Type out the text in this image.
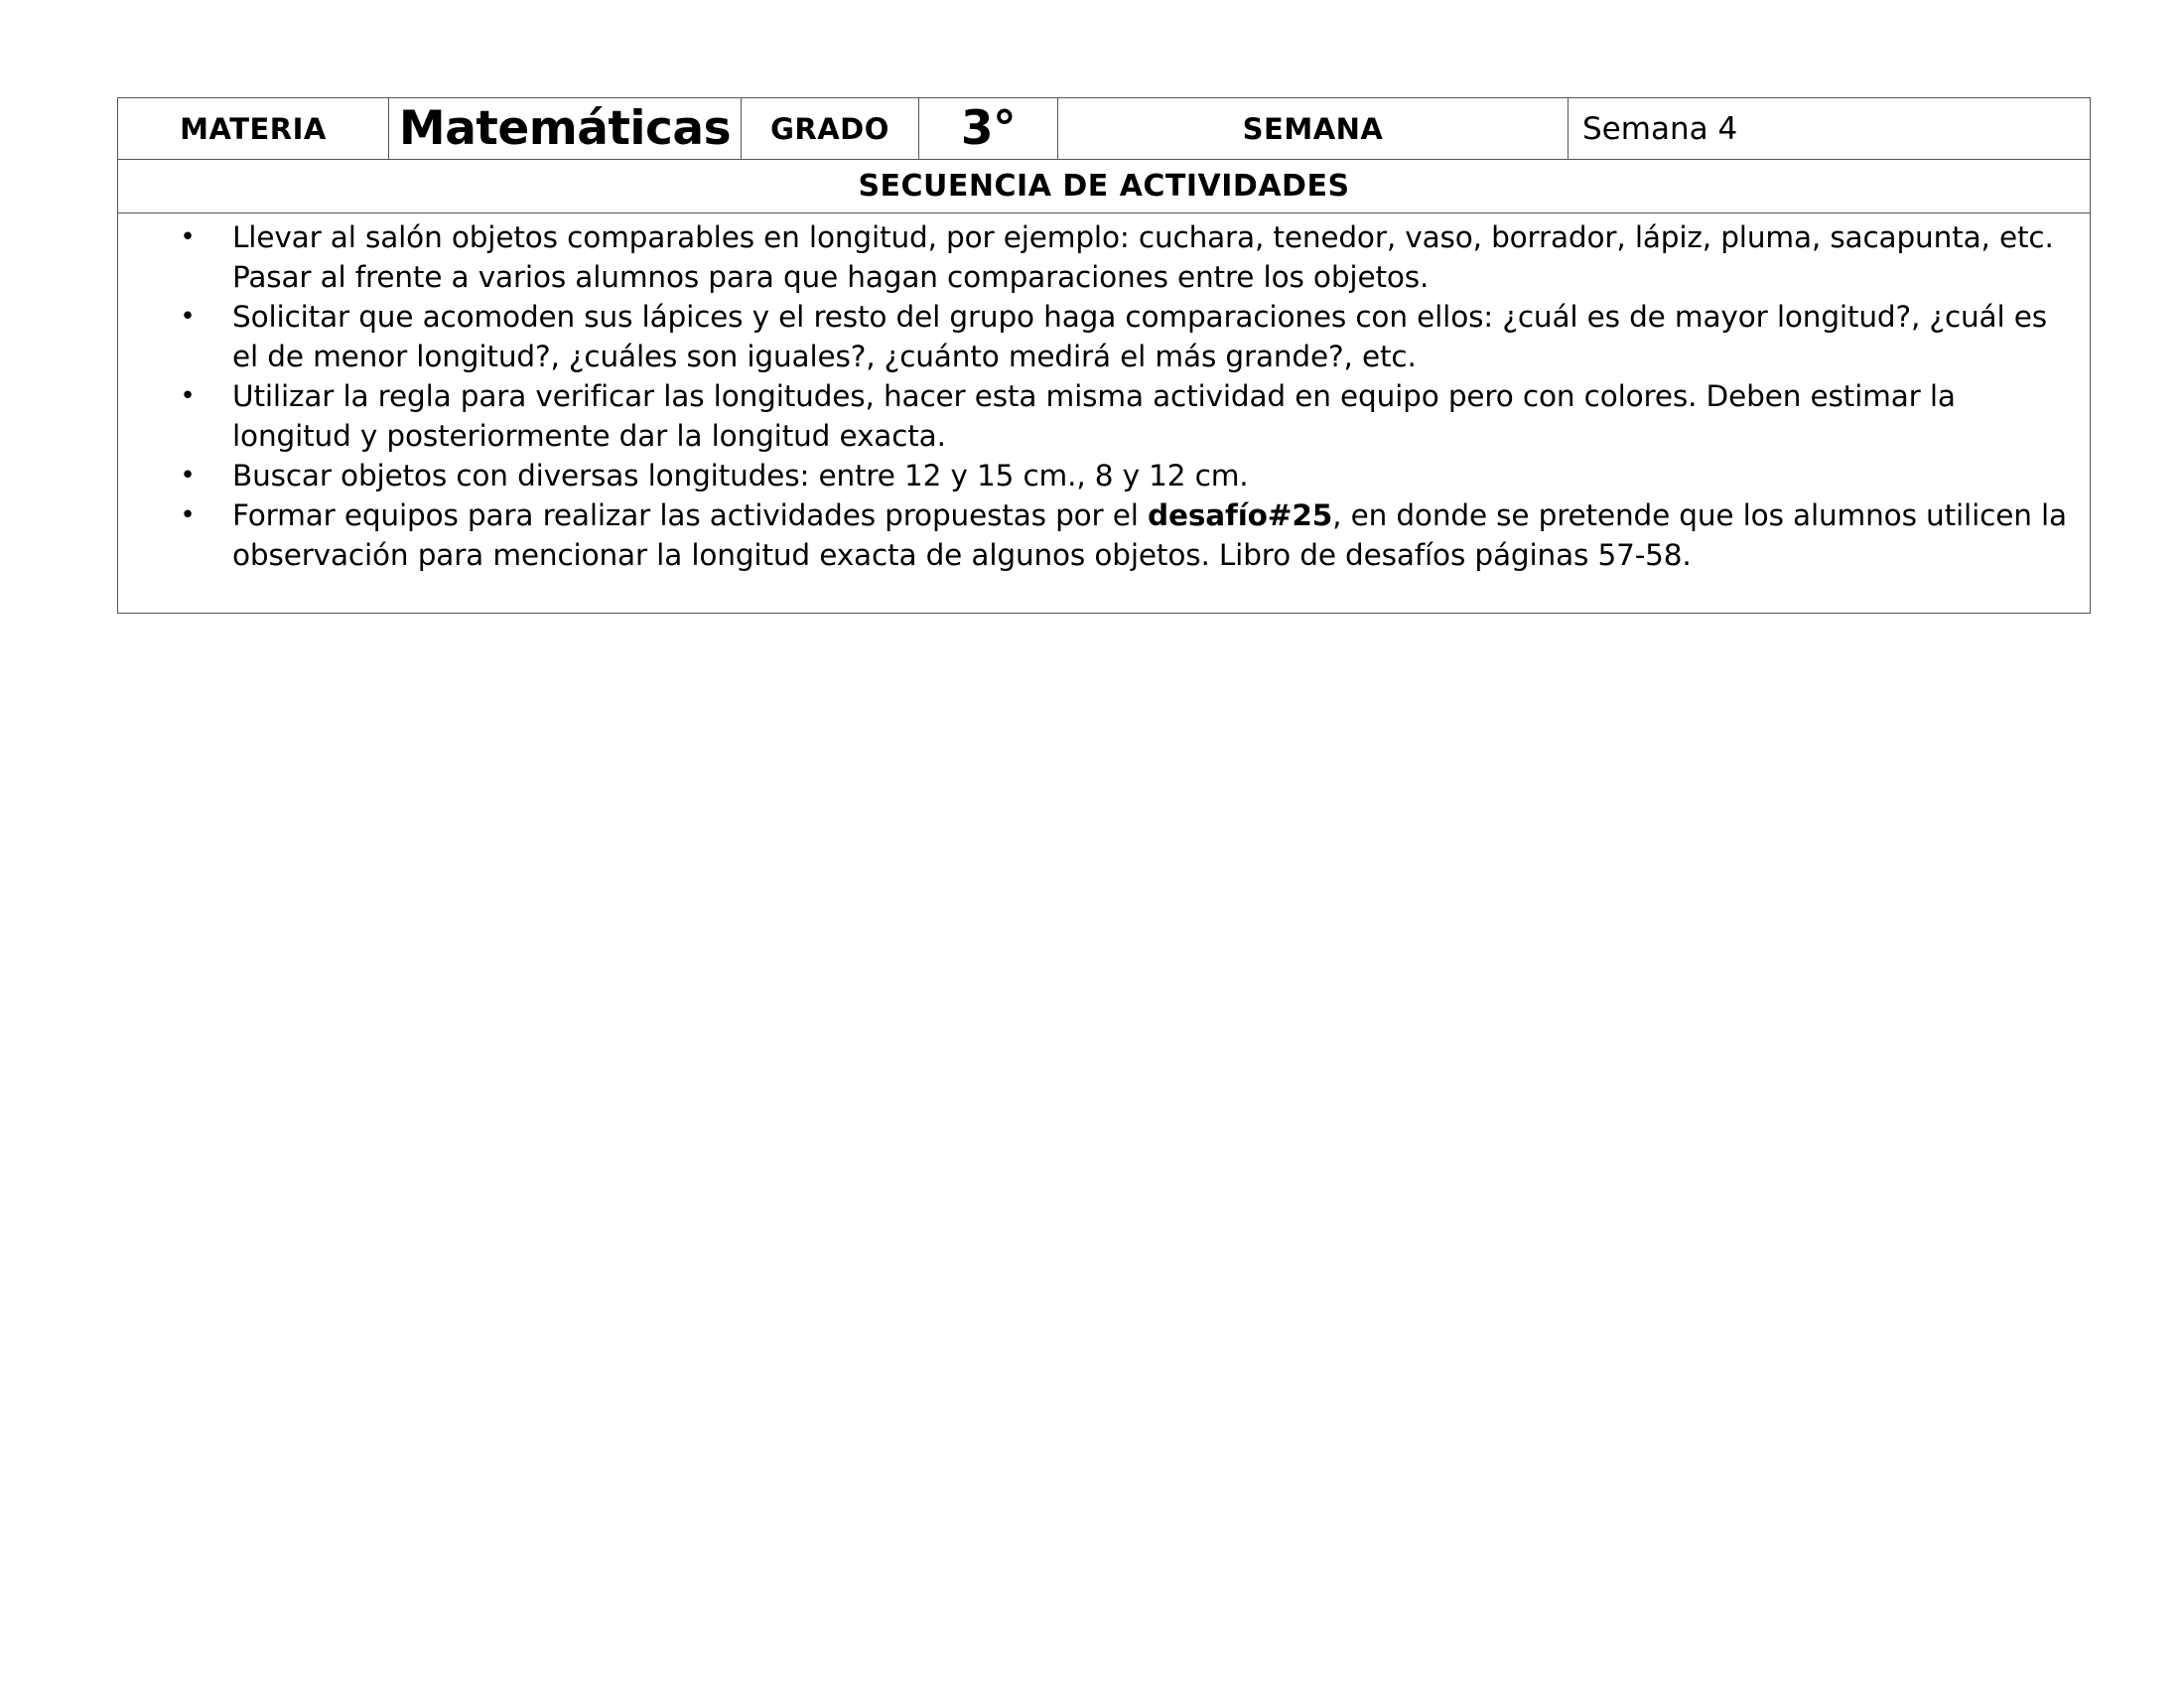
MATERIA	Matemáticas	GRADO	3°	SEMANA	Semana 4
SECUENCIA DE ACTIVIDADES

• Llevar al salón objetos comparables en longitud, por ejemplo: cuchara, tenedor, vaso, borrador, lápiz, pluma, sacapunta, etc. Pasar al frente a varios alumnos para que hagan comparaciones entre los objetos.
• Solicitar que acomoden sus lápices y el resto del grupo haga comparaciones con ellos: ¿cuál es de mayor longitud?, ¿cuál es el de menor longitud?, ¿cuáles son iguales?, ¿cuánto medirá el más grande?, etc.
• Utilizar la regla para verificar las longitudes, hacer esta misma actividad en equipo pero con colores. Deben estimar la longitud y posteriormente dar la longitud exacta.
• Buscar objetos con diversas longitudes: entre 12 y 15 cm., 8 y 12 cm.
• Formar equipos para realizar las actividades propuestas por el desafío#25, en donde se pretende que los alumnos utilicen la observación para mencionar la longitud exacta de algunos objetos. Libro de desafíos páginas 57-58.
